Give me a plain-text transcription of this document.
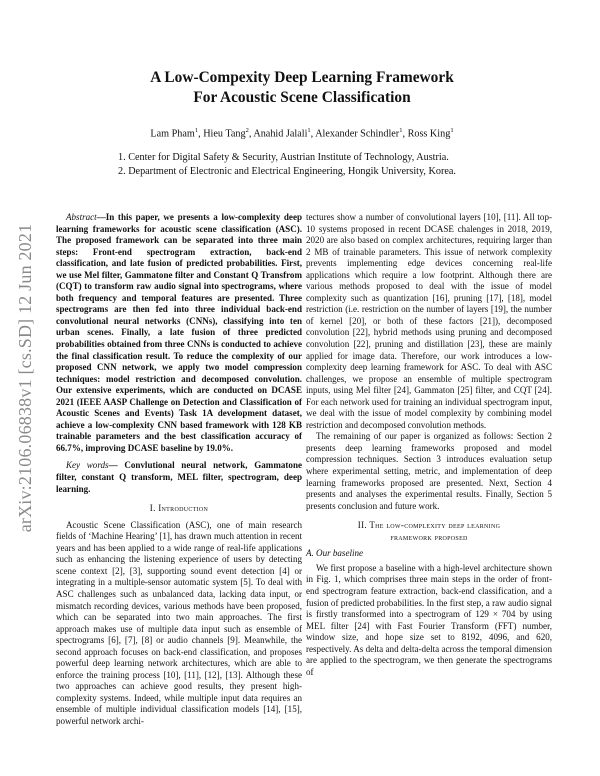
arXiv:2106.06838v1 [cs.SD] 12 Jun 2021
A Low-Compexity Deep Learning Framework
For Acoustic Scene Classification
Lam Pham$^1$, Hieu Tang$^2$, Anahid Jalali$^1$, Alexander Schindler$^1$, Ross King$^1$
1. Center for Digital Safety & Security, Austrian Institute of Technology, Austria.
2. Department of Electronic and Electrical Engineering, Hongik University, Korea.

Abstract—In this paper, we presents a low-complexity deep learning frameworks for acoustic scene classification (ASC). The proposed framework can be separated into three main steps: Front-end spectrogram extraction, back-end classification, and late fusion of predicted probabilities. First, we use Mel filter, Gammatone filter and Constant Q Transfrom (CQT) to transform raw audio signal into spectrograms, where both frequency and temporal features are presented. Three spectrograms are then fed into three individual back-end convolutional neural networks (CNNs), classifying into ten urban scenes. Finally, a late fusion of three predicted probabilities obtained from three CNNs is conducted to achieve the final classification result. To reduce the complexity of our proposed CNN network, we apply two model compression techniques: model restriction and decomposed convolution. Our extensive experiments, which are conducted on DCASE 2021 (IEEE AASP Challenge on Detection and Classification of Acoustic Scenes and Events) Task 1A development dataset, achieve a low-complexity CNN based framework with 128 KB trainable parameters and the best classification accuracy of 66.7%, improving DCASE baseline by 19.0%.

Key words— Convlutional neural network, Gammatone filter, constant Q transform, MEL filter, spectrogram, deep learning.

I. Introduction

Acoustic Scene Classification (ASC), one of main research fields of ‘Machine Hearing’ [1], has drawn much attention in recent years and has been applied to a wide range of real-life applications such as enhancing the listening experience of users by detecting scene context [2], [3], supporting sound event detection [4] or integrating in a multiple-sensor automatic system [5]. To deal with ASC challenges such as unbalanced data, lacking data input, or mismatch recording devices, various methods have been proposed, which can be separated into two main approaches. The first approach makes use of multiple data input such as ensemble of spectrograms [6], [7], [8] or audio channels [9]. Meanwhile, the second approach focuses on back-end classification, and proposes powerful deep learning network architectures, which are able to enforce the training process [10], [11], [12], [13]. Although these two approaches can achieve good results, they present high-complexity systems. Indeed, while multiple input data requires an ensemble of multiple individual classification models [14], [15], powerful network archi-

tectures show a number of convolutional layers [10], [11]. All top-10 systems proposed in recent DCASE chalenges in 2018, 2019, 2020 are also based on complex architectures, requiring larger than 2 MB of trainable parameters. This issue of network complexity prevents implementing edge devices concerning real-life applications which require a low footprint. Although there are various methods proposed to deal with the issue of model complexity such as quantization [16], pruning [17], [18], model restriction (i.e. restriction on the number of layers [19], the number of kernel [20], or both of these factors [21]), decomposed convolution [22], hybrid methods using pruning and decomposed convolution [22], pruning and distillation [23], these are mainly applied for image data. Therefore, our work introduces a low-complexity deep learning framework for ASC. To deal with ASC challenges, we propose an ensemble of multiple spectrogram inputs, using Mel filter [24], Gammaton [25] filter, and CQT [24]. For each network used for training an individual spectrogram input, we deal with the issue of model complexity by combining model restriction and decomposed convolution methods.

The remaining of our paper is organized as follows: Section 2 presents deep learning frameworks proposed and model compression techniques. Section 3 introduces evaluation setup where experimental setting, metric, and implementation of deep learning frameworks proposed are presented. Next, Section 4 presents and analyses the experimental results. Finally, Section 5 presents conclusion and future work.

II. The low-complexity deep learning
framework proposed
A. Our baseline

We first propose a baseline with a high-level architecture shown in Fig. 1, which comprises three main steps in the order of front-end spectrogram feature extraction, back-end classification, and a fusion of predicted probabilities. In the first step, a raw audio signal is firstly transformed into a spectrogram of 129 × 704 by using MEL filter [24] with Fast Fourier Transform (FFT) number, window size, and hope size set to 8192, 4096, and 620, respectively. As delta and delta-delta across the temporal dimension are applied to the spectrogram, we then generate the spectrograms of
